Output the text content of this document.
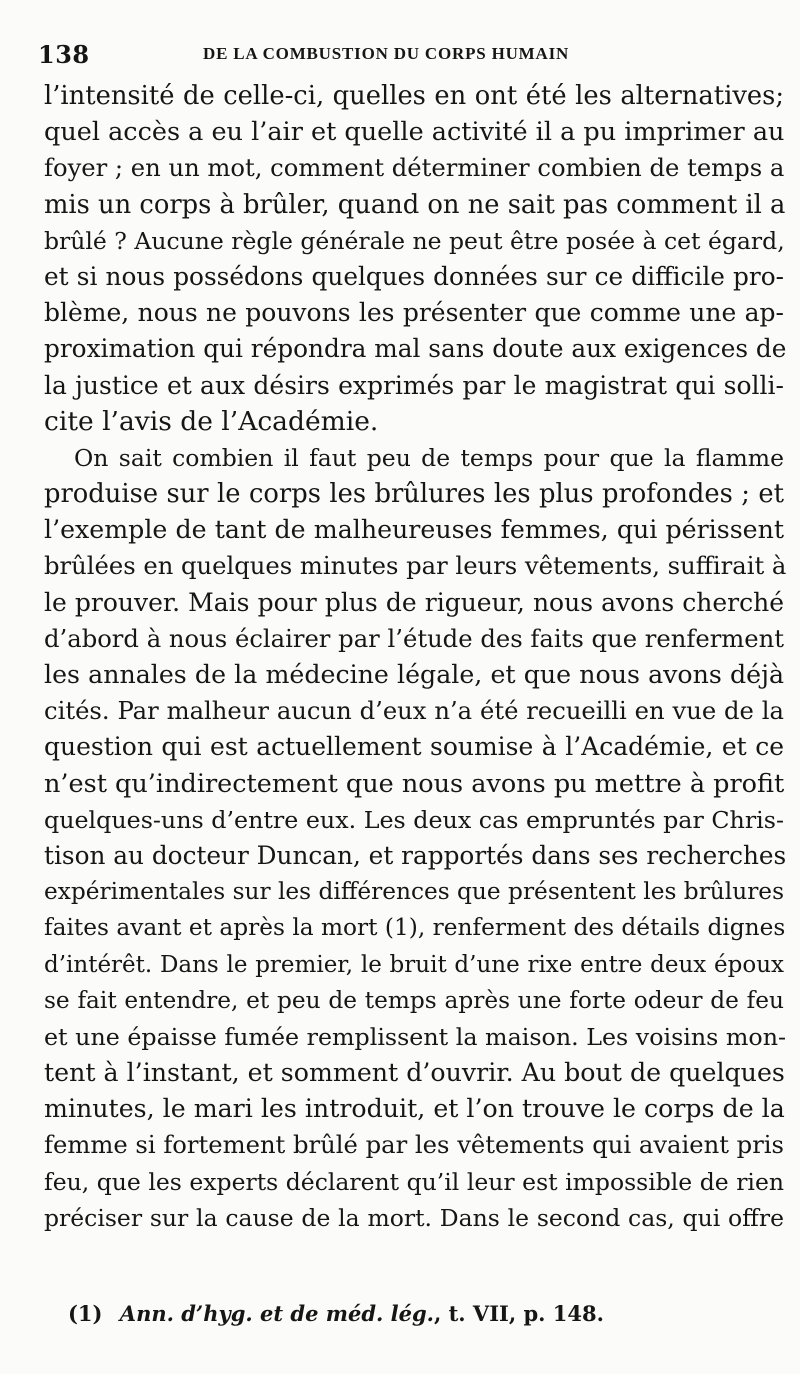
138	DE LA COMBUSTION DU CORPS HUMAIN
l’intensité de celle-ci, quelles en ont été les alternatives;
quel accès a eu l’air et quelle activité il a pu imprimer au
foyer ; en un mot, comment déterminer combien de temps a
mis un corps à brûler, quand on ne sait pas comment il a
brûlé ? Aucune règle générale ne peut être posée à cet égard,
et si nous possédons quelques données sur ce difficile pro-
blème, nous ne pouvons les présenter que comme une ap-
proximation qui répondra mal sans doute aux exigences de
la justice et aux désirs exprimés par le magistrat qui solli-
cite l’avis de l’Académie.
On sait combien il faut peu de temps pour que la flamme
produise sur le corps les brûlures les plus profondes ; et
l’exemple de tant de malheureuses femmes, qui périssent
brûlées en quelques minutes par leurs vêtements, suffirait à
le prouver. Mais pour plus de rigueur, nous avons cherché
d’abord à nous éclairer par l’étude des faits que renferment
les annales de la médecine légale, et que nous avons déjà
cités. Par malheur aucun d’eux n’a été recueilli en vue de la
question qui est actuellement soumise à l’Académie, et ce
n’est qu’indirectement que nous avons pu mettre à profit
quelques-uns d’entre eux. Les deux cas empruntés par Chris-
tison au docteur Duncan, et rapportés dans ses recherches
expérimentales sur les différences que présentent les brûlures
faites avant et après la mort (1), renferment des détails dignes
d’intérêt. Dans le premier, le bruit d’une rixe entre deux époux
se fait entendre, et peu de temps après une forte odeur de feu
et une épaisse fumée remplissent la maison. Les voisins mon-
tent à l’instant, et somment d’ouvrir. Au bout de quelques
minutes, le mari les introduit, et l’on trouve le corps de la
femme si fortement brûlé par les vêtements qui avaient pris
feu, que les experts déclarent qu’il leur est impossible de rien
préciser sur la cause de la mort. Dans le second cas, qui offre
(1) Ann. d’hyg. et de méd. lég., t. VII, p. 148.
